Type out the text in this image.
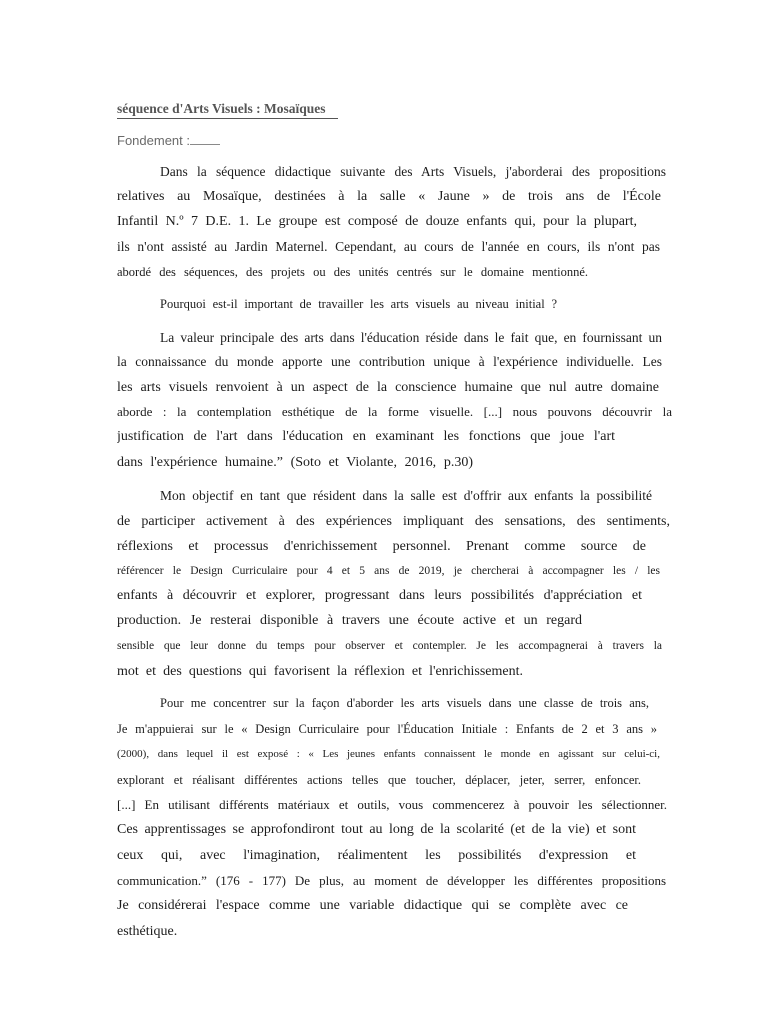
séquence d'Arts Visuels : Mosaïques
Fondement :
Dans la séquence didactique suivante des Arts Visuels, j'aborderai des propositions
relatives au Mosaïque, destinées à la salle « Jaune » de trois ans de l'École
Infantil N.º 7 D.E. 1. Le groupe est composé de douze enfants qui, pour la plupart,
ils n'ont assisté au Jardin Maternel. Cependant, au cours de l'année en cours, ils n'ont pas
abordé des séquences, des projets ou des unités centrés sur le domaine mentionné.
Pourquoi est-il important de travailler les arts visuels au niveau initial ?
La valeur principale des arts dans l'éducation réside dans le fait que, en fournissant un
la connaissance du monde apporte une contribution unique à l'expérience individuelle. Les
les arts visuels renvoient à un aspect de la conscience humaine que nul autre domaine
aborde : la contemplation esthétique de la forme visuelle. [...] nous pouvons découvrir la
justification de l'art dans l'éducation en examinant les fonctions que joue l'art
dans l'expérience humaine.” (Soto et Violante, 2016, p.30)
Mon objectif en tant que résident dans la salle est d'offrir aux enfants la possibilité
de participer activement à des expériences impliquant des sensations, des sentiments,
réflexions et processus d'enrichissement personnel. Prenant comme source de
référencer le Design Curriculaire pour 4 et 5 ans de 2019, je chercherai à accompagner les / les
enfants à découvrir et explorer, progressant dans leurs possibilités d'appréciation et
production. Je resterai disponible à travers une écoute active et un regard
sensible que leur donne du temps pour observer et contempler. Je les accompagnerai à travers la
mot et des questions qui favorisent la réflexion et l'enrichissement.
Pour me concentrer sur la façon d'aborder les arts visuels dans une classe de trois ans,
Je m'appuierai sur le « Design Curriculaire pour l'Éducation Initiale : Enfants de 2 et 3 ans »
(2000), dans lequel il est exposé : « Les jeunes enfants connaissent le monde en agissant sur celui-ci,
explorant et réalisant différentes actions telles que toucher, déplacer, jeter, serrer, enfoncer.
[...] En utilisant différents matériaux et outils, vous commencerez à pouvoir les sélectionner.
Ces apprentissages se approfondiront tout au long de la scolarité (et de la vie) et sont
ceux qui, avec l'imagination, réalimentent les possibilités d'expression et
communication.” (176 - 177) De plus, au moment de développer les différentes propositions
Je considérerai l'espace comme une variable didactique qui se complète avec ce
esthétique.
